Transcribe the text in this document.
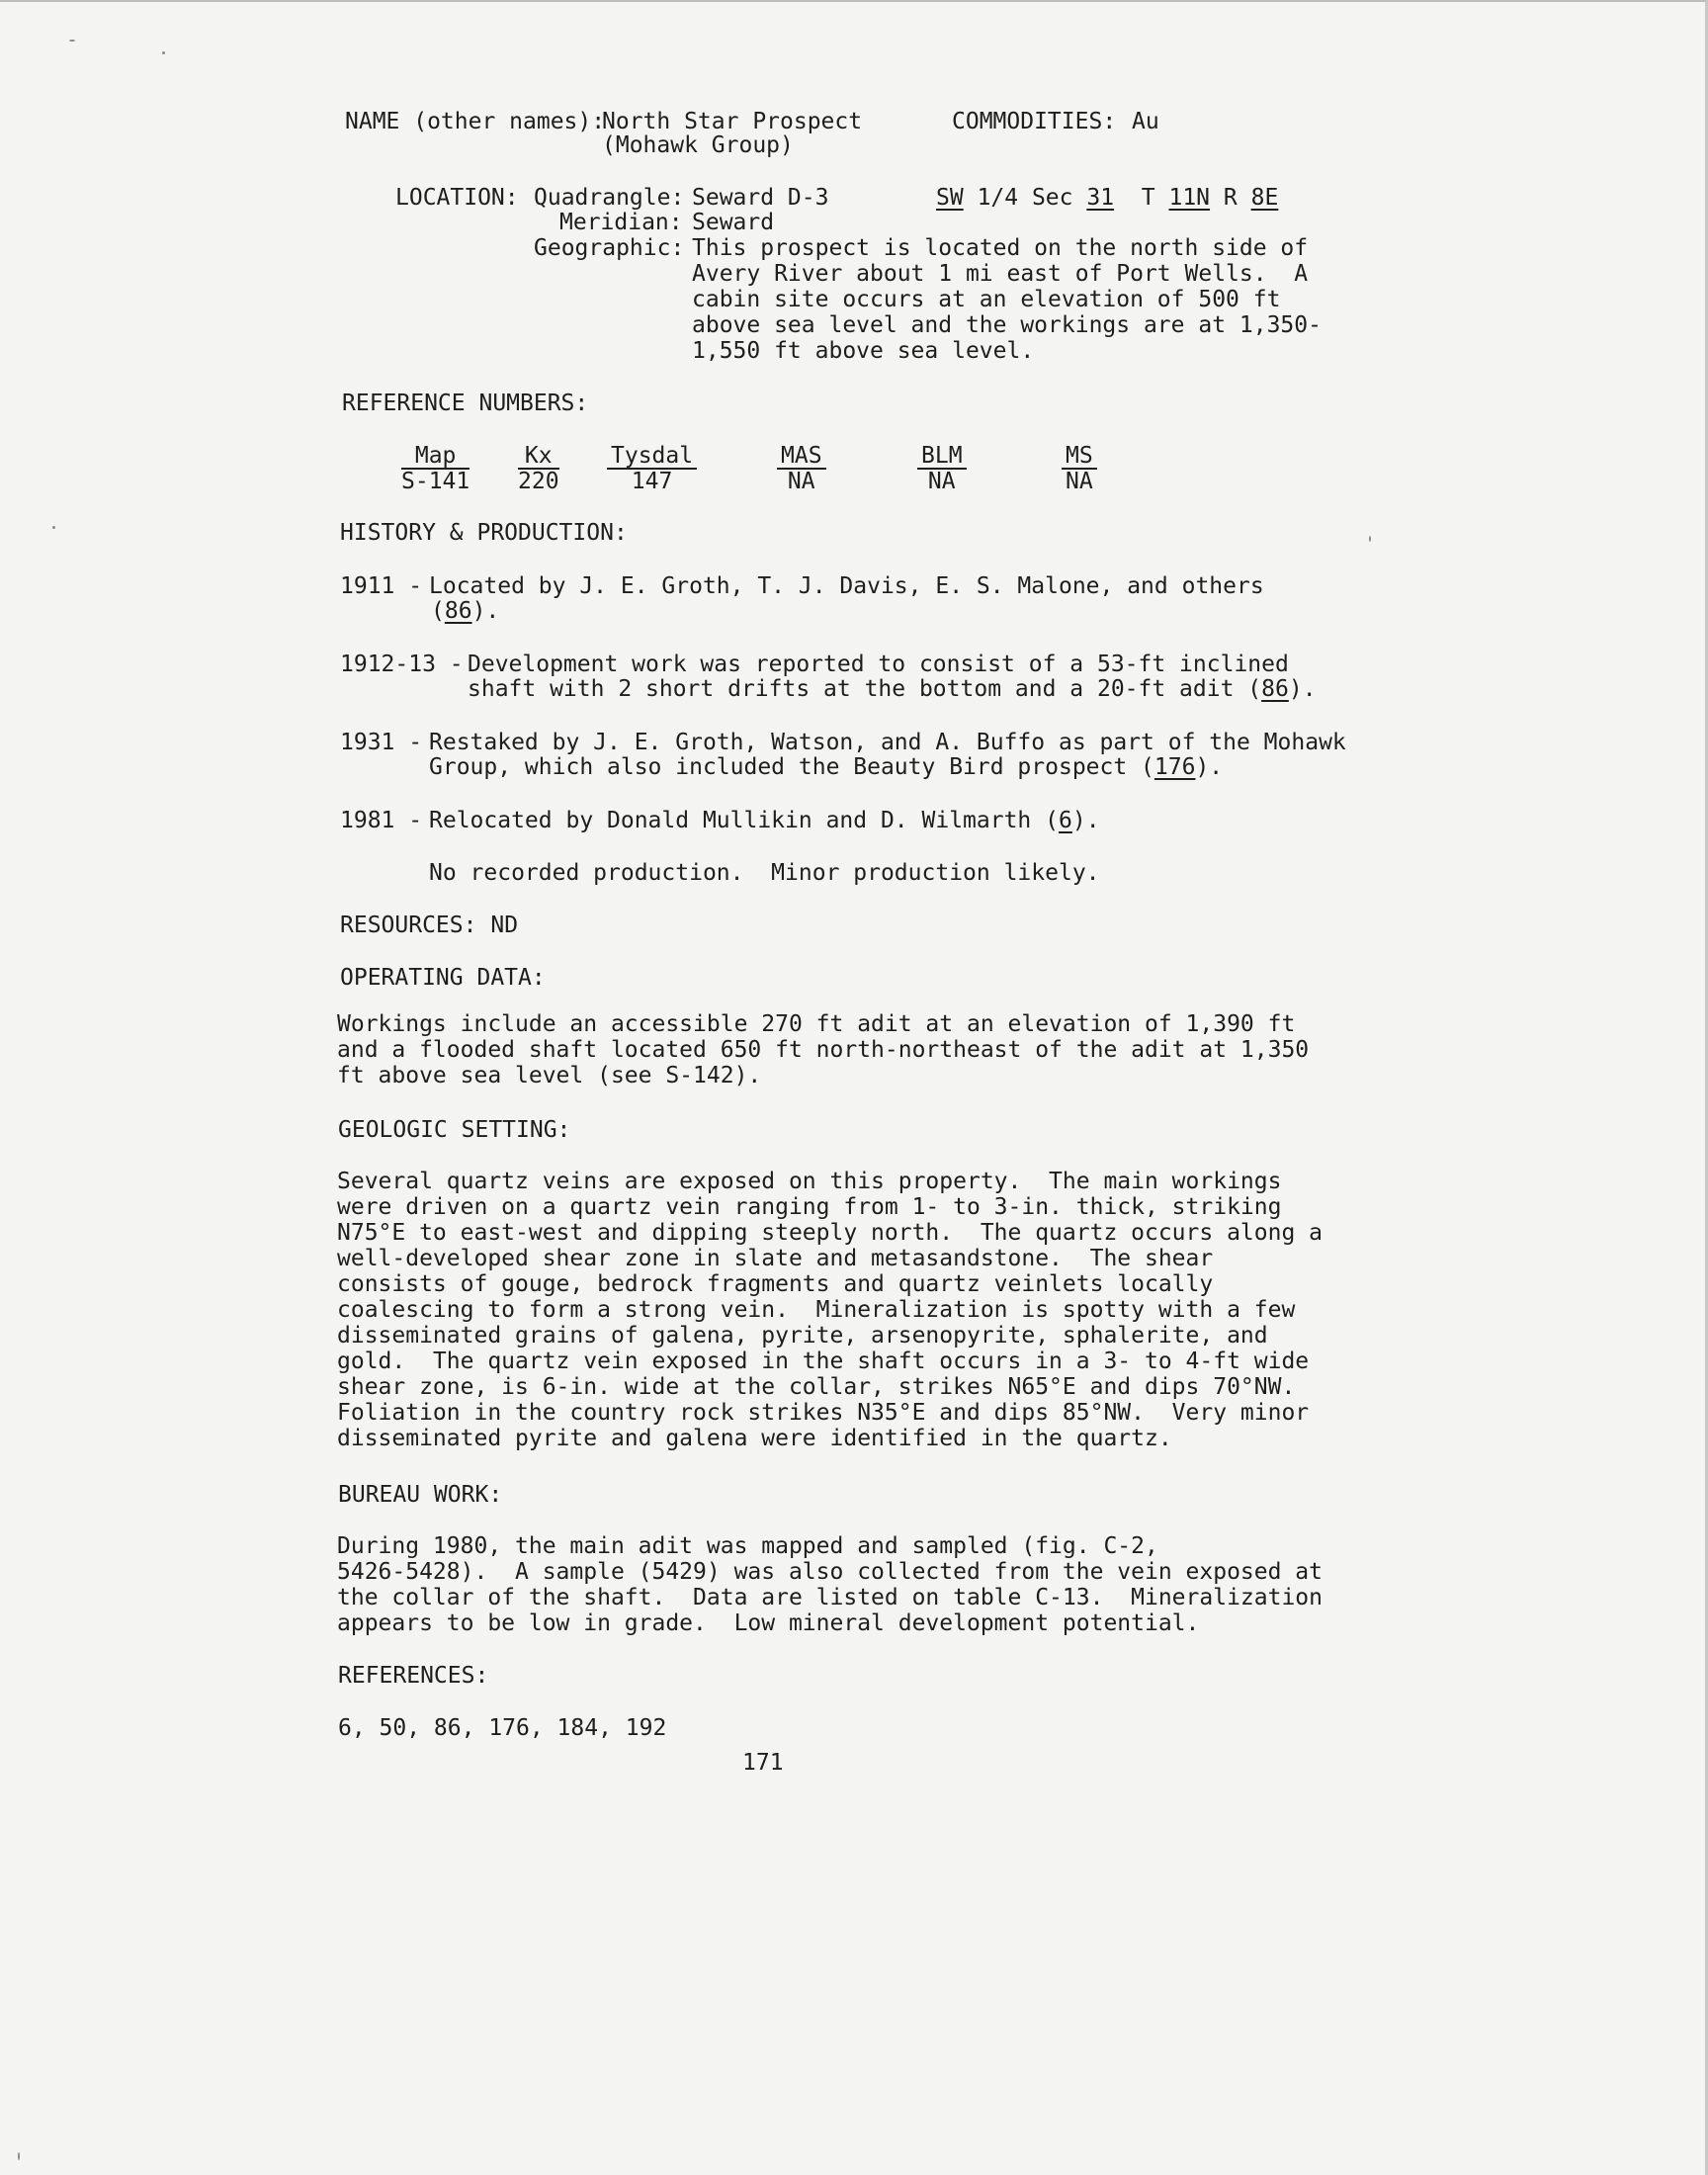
NAME (other names):
North Star Prospect
(Mohawk Group)
COMMODITIES: Au
LOCATION: Quadrangle: Seward D-3
Meridian: Seward
Geographic: This prospect is located on the north side of
Avery River about 1 mi east of Port Wells.  A
cabin site occurs at an elevation of 500 ft
above sea level and the workings are at 1,350-
1,550 ft above sea level.
SW 1/4 Sec 31 T 11N R 8E
REFERENCE NUMBERS:
Map
S-141
Kx
220
Tysdal
147
MAS
NA
BLM
NA
MS
NA
HISTORY & PRODUCTION:
1911 - Located by J. E. Groth, T. J. Davis, E. S. Malone, and others
(86).
1912-13 - Development work was reported to consist of a 53-ft inclined
shaft with 2 short drifts at the bottom and a 20-ft adit (86).
1931 - Restaked by J. E. Groth, Watson, and A. Buffo as part of the Mohawk
Group, which also included the Beauty Bird prospect (176).
1981 - Relocated by Donald Mullikin and D. Wilmarth (6).
No recorded production.  Minor production likely.
RESOURCES: ND
OPERATING DATA:
Workings include an accessible 270 ft adit at an elevation of 1,390 ft
and a flooded shaft located 650 ft north-northeast of the adit at 1,350
ft above sea level (see S-142).
GEOLOGIC SETTING:
Several quartz veins are exposed on this property.  The main workings
were driven on a quartz vein ranging from 1- to 3-in. thick, striking
N75°E to east-west and dipping steeply north.  The quartz occurs along a
well-developed shear zone in slate and metasandstone.  The shear
consists of gouge, bedrock fragments and quartz veinlets locally
coalescing to form a strong vein.  Mineralization is spotty with a few
disseminated grains of galena, pyrite, arsenopyrite, sphalerite, and
gold.  The quartz vein exposed in the shaft occurs in a 3- to 4-ft wide
shear zone, is 6-in. wide at the collar, strikes N65°E and dips 70°NW.
Foliation in the country rock strikes N35°E and dips 85°NW.  Very minor
disseminated pyrite and galena were identified in the quartz.
BUREAU WORK:
During 1980, the main adit was mapped and sampled (fig. C-2,
5426-5428).  A sample (5429) was also collected from the vein exposed at
the collar of the shaft.  Data are listed on table C-13.  Mineralization
appears to be low in grade.  Low mineral development potential.
REFERENCES:
6, 50, 86, 176, 184, 192
171
